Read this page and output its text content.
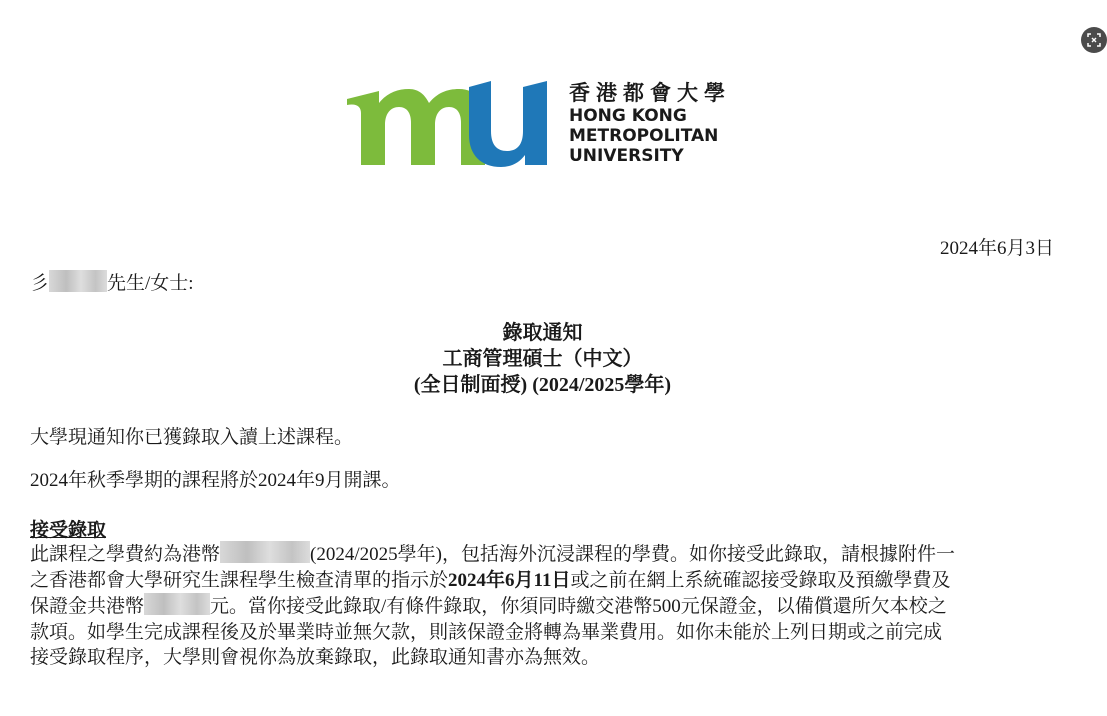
香港都會大學
HONG KONG
METROPOLITAN
UNIVERSITY
2024年6月3日
彡	先生/女士:
錄取通知
工商管理碩士（中文）
(全日制面授) (2024/2025學年)
大學現通知你已獲錄取入讀上述課程。
2024年秋季學期的課程將於2024年9月開課。
接受錄取
此課程之學費約為港幣	(2024/2025學年)，包括海外沉浸課程的學費。如你接受此錄取，請根據附件一
之香港都會大學研究生課程學生檢查清單的指示於2024年6月11日或之前在網上系統確認接受錄取及預繳學費及
保證金共港幣	元。當你接受此錄取/有條件錄取，你須同時繳交港幣500元保證金，以備償還所欠本校之
款項。如學生完成課程後及於畢業時並無欠款，則該保證金將轉為畢業費用。如你未能於上列日期或之前完成
接受錄取程序，大學則會視你為放棄錄取，此錄取通知書亦為無效。
